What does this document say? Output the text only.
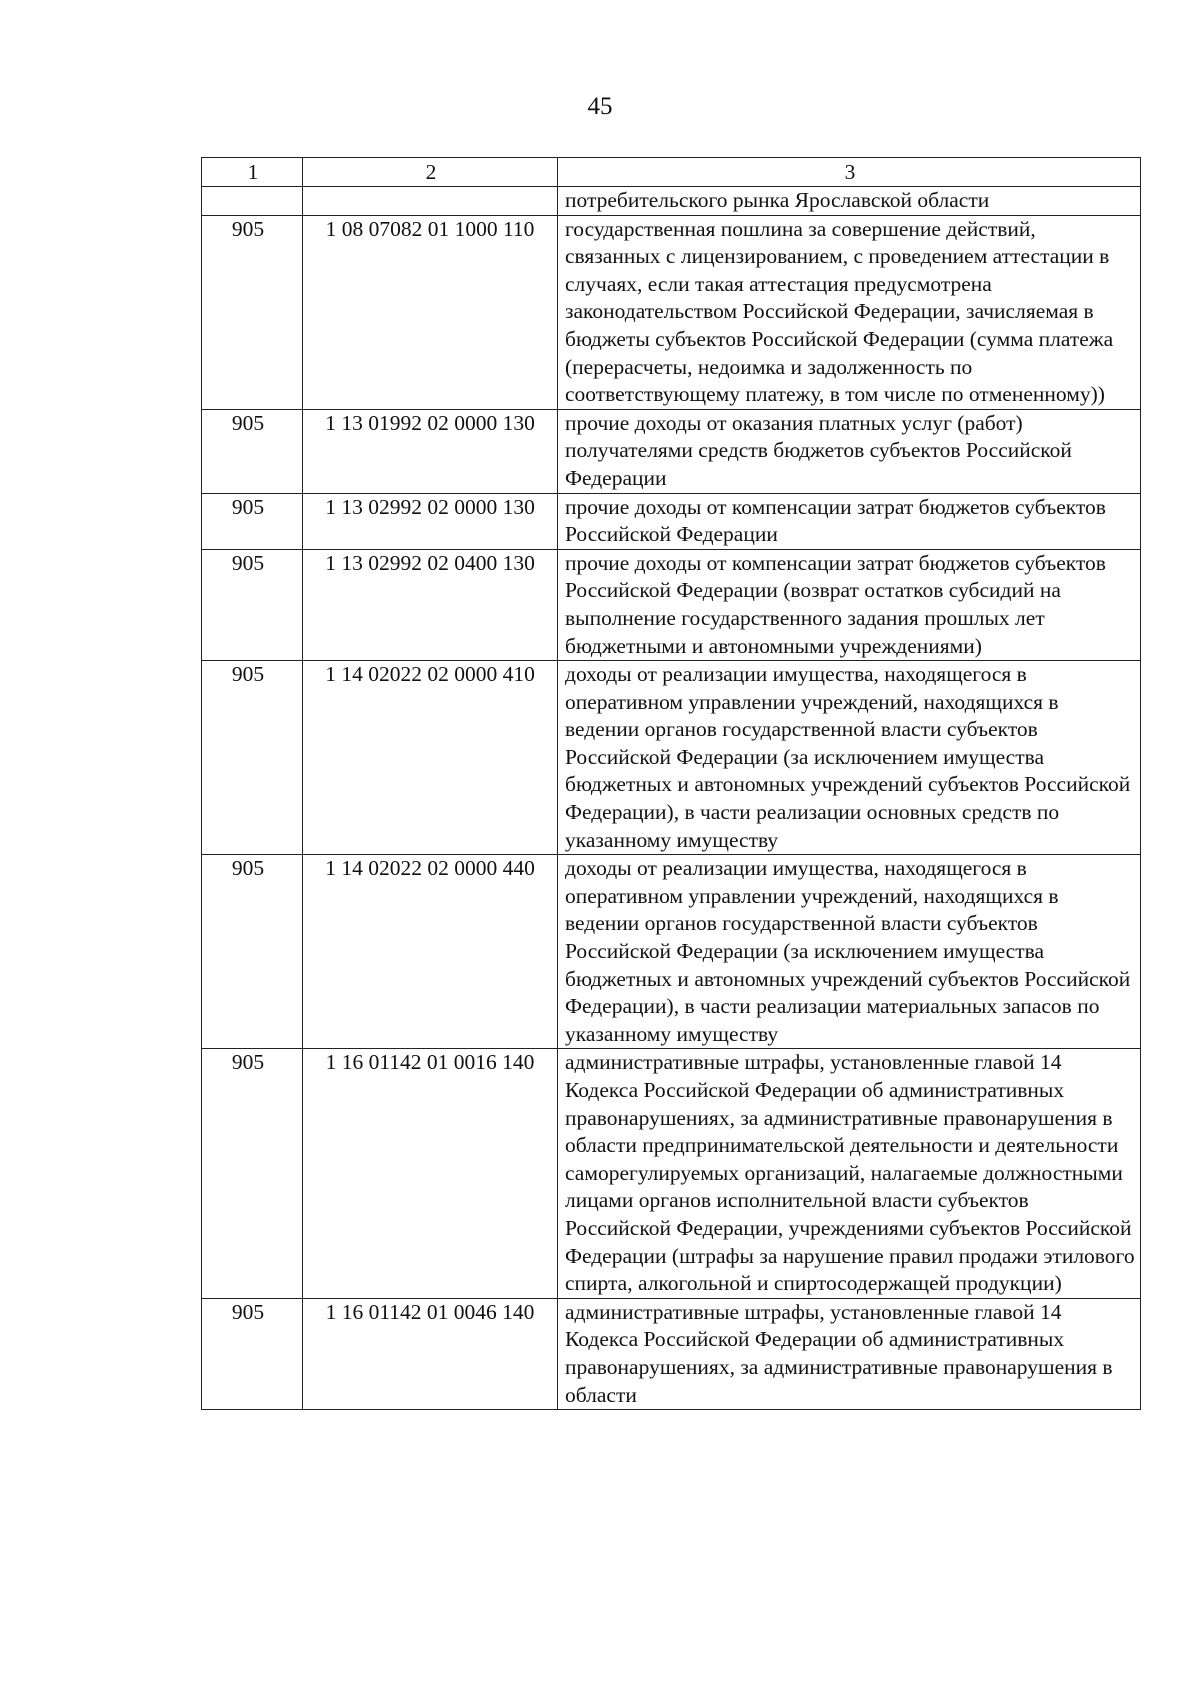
45
1	2	3
		потребительского рынка Ярославской области
905	1 08 07082 01 1000 110	государственная пошлина за совершение действий, связанных с лицензированием, с проведением аттестации в случаях, если такая аттестация предусмотрена законодательством Российской Федерации, зачисляемая в бюджеты субъектов Российской Федерации (сумма платежа (перерасчеты, недоимка и задолженность по соответствующему платежу, в том числе по отмененному))
905	1 13 01992 02 0000 130	прочие доходы от оказания платных услуг (работ) получателями средств бюджетов субъектов Российской Федерации
905	1 13 02992 02 0000 130	прочие доходы от компенсации затрат бюджетов субъектов Российской Федерации
905	1 13 02992 02 0400 130	прочие доходы от компенсации затрат бюджетов субъектов Российской Федерации (возврат остатков субсидий на выполнение государственного задания прошлых лет бюджетными и автономными учреждениями)
905	1 14 02022 02 0000 410	доходы от реализации имущества, находящегося в оперативном управлении учреждений, находящихся в ведении органов государственной власти субъектов Российской Федерации (за исключением имущества бюджетных и автономных учреждений субъектов Российской Федерации), в части реализации основных средств по указанному имуществу
905	1 14 02022 02 0000 440	доходы от реализации имущества, находящегося в оперативном управлении учреждений, находящихся в ведении органов государственной власти субъектов Российской Федерации (за исключением имущества бюджетных и автономных учреждений субъектов Российской Федерации), в части реализации материальных запасов по указанному имуществу
905	1 16 01142 01 0016 140	административные штрафы, установленные главой 14 Кодекса Российской Федерации об административных правонарушениях, за административные правонарушения в области предпринимательской деятельности и деятельности саморегулируемых организаций, налагаемые должностными лицами органов исполнительной власти субъектов Российской Федерации, учреждениями субъектов Российской Федерации (штрафы за нарушение правил продажи этилового спирта, алкогольной и спиртосодержащей продукции)
905	1 16 01142 01 0046 140	административные штрафы, установленные главой 14 Кодекса Российской Федерации об административных правонарушениях, за административные правонарушения в области
